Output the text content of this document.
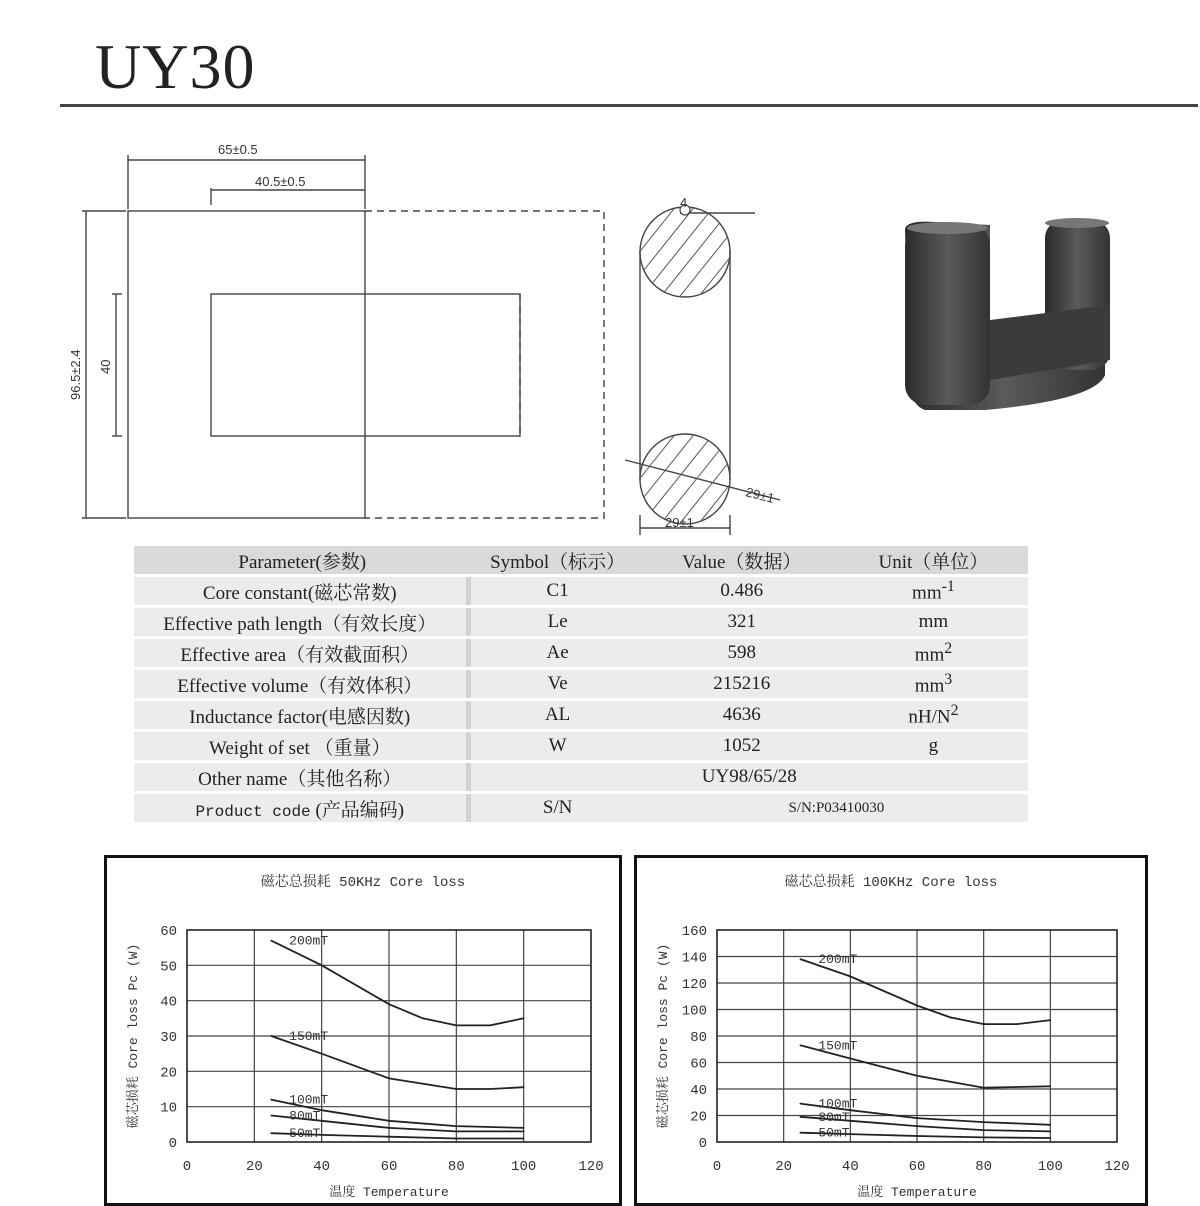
UY30
65±0.5
40.5±0.5
96.5±2.4 40
4
29±1
29±1
Parameter(参数)	Symbol（标示）	Value（数据）	Unit（单位）
Core constant(磁芯常数)	C1	0.486	$mm^{-1}$
Effective path length（有效长度）	Le	321	mm
Effective area（有效截面积）	Ae	598	$mm^2$
Effective volume（有效体积）	Ve	215216	$mm^3$
Inductance factor(电感因数)	AL	4636	$nH/N^2$
Weight of set （重量）	W	1052	g
Other name（其他名称）	UY98/65/28		
Product code (产品编码)	S/N	S/N:P03410030	
磁芯总损耗 50KHz Core loss
0	20	40	60	80	100	120
0
10
20
30
40
50
60
温度 Temperature
磁芯损耗 Core loss Pc (W)
200mT
150mT
100mT
80mT
50mT
磁芯总损耗 100KHz Core loss
0	20	40	60	80	100	120
0
20
40
60
80
100
120
140
160
温度 Temperature
磁芯损耗 Core loss Pc (W)	200mT
150mT
100mT
80mT
50mT
